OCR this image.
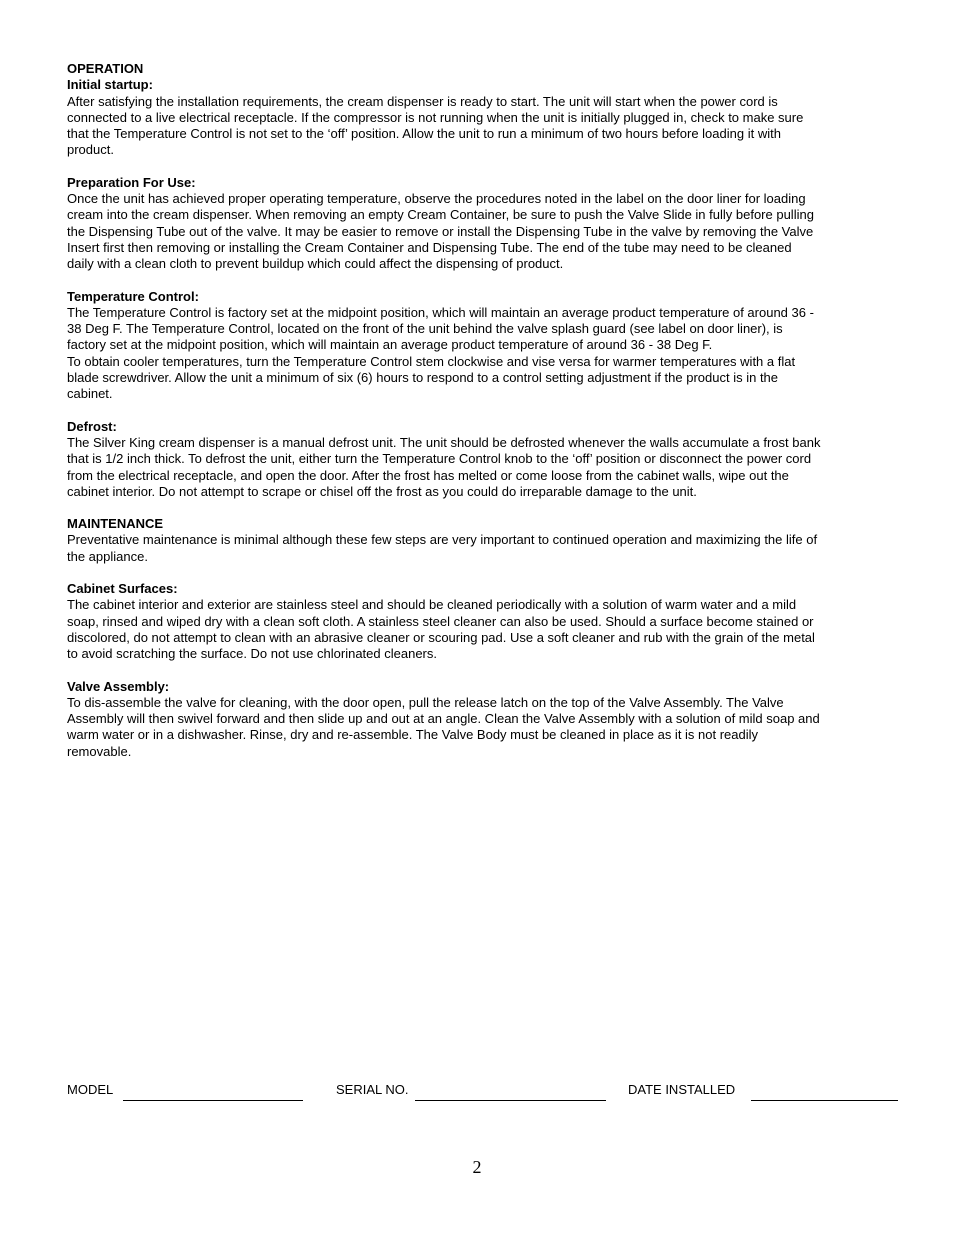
OPERATION

Initial startup:

After satisfying the installation requirements, the cream dispenser is ready to start. The unit will start when the power cord is
connected to a live electrical receptacle. If the compressor is not running when the unit is initially plugged in, check to make sure
that the Temperature Control is not set to the ‘off’ position. Allow the unit to run a minimum of two hours before loading it with
product.

Preparation For Use:

Once the unit has achieved proper operating temperature, observe the procedures noted in the label on the door liner for loading
cream into the cream dispenser. When removing an empty Cream Container, be sure to push the Valve Slide in fully before pulling
the Dispensing Tube out of the valve. It may be easier to remove or install the Dispensing Tube in the valve by removing the Valve
Insert first then removing or installing the Cream Container and Dispensing Tube. The end of the tube may need to be cleaned
daily with a clean cloth to prevent buildup which could affect the dispensing of product.

Temperature Control:

The Temperature Control is factory set at the midpoint position, which will maintain an average product temperature of around 36 -
38 Deg F. The Temperature Control, located on the front of the unit behind the valve splash guard (see label on door liner), is
factory set at the midpoint position, which will maintain an average product temperature of around 36 - 38 Deg F.
To obtain cooler temperatures, turn the Temperature Control stem clockwise and vise versa for warmer temperatures with a flat
blade screwdriver. Allow the unit a minimum of six (6) hours to respond to a control setting adjustment if the product is in the
cabinet.

Defrost:

The Silver King cream dispenser is a manual defrost unit. The unit should be defrosted whenever the walls accumulate a frost bank
that is 1/2 inch thick. To defrost the unit, either turn the Temperature Control knob to the ‘off’ position or disconnect the power cord
from the electrical receptacle, and open the door. After the frost has melted or come loose from the cabinet walls, wipe out the
cabinet interior. Do not attempt to scrape or chisel off the frost as you could do irreparable damage to the unit.

MAINTENANCE

Preventative maintenance is minimal although these few steps are very important to continued operation and maximizing the life of
the appliance.

Cabinet Surfaces:

The cabinet interior and exterior are stainless steel and should be cleaned periodically with a solution of warm water and a mild
soap, rinsed and wiped dry with a clean soft cloth. A stainless steel cleaner can also be used. Should a surface become stained or
discolored, do not attempt to clean with an abrasive cleaner or scouring pad. Use a soft cleaner and rub with the grain of the metal
to avoid scratching the surface. Do not use chlorinated cleaners.

Valve Assembly:

To dis-assemble the valve for cleaning, with the door open, pull the release latch on the top of the Valve Assembly. The Valve
Assembly will then swivel forward and then slide up and out at an angle. Clean the Valve Assembly with a solution of mild soap and
warm water or in a dishwasher. Rinse, dry and re-assemble. The Valve Body must be cleaned in place as it is not readily
removable.

MODEL	SERIAL NO.	DATE INSTALLED
2
